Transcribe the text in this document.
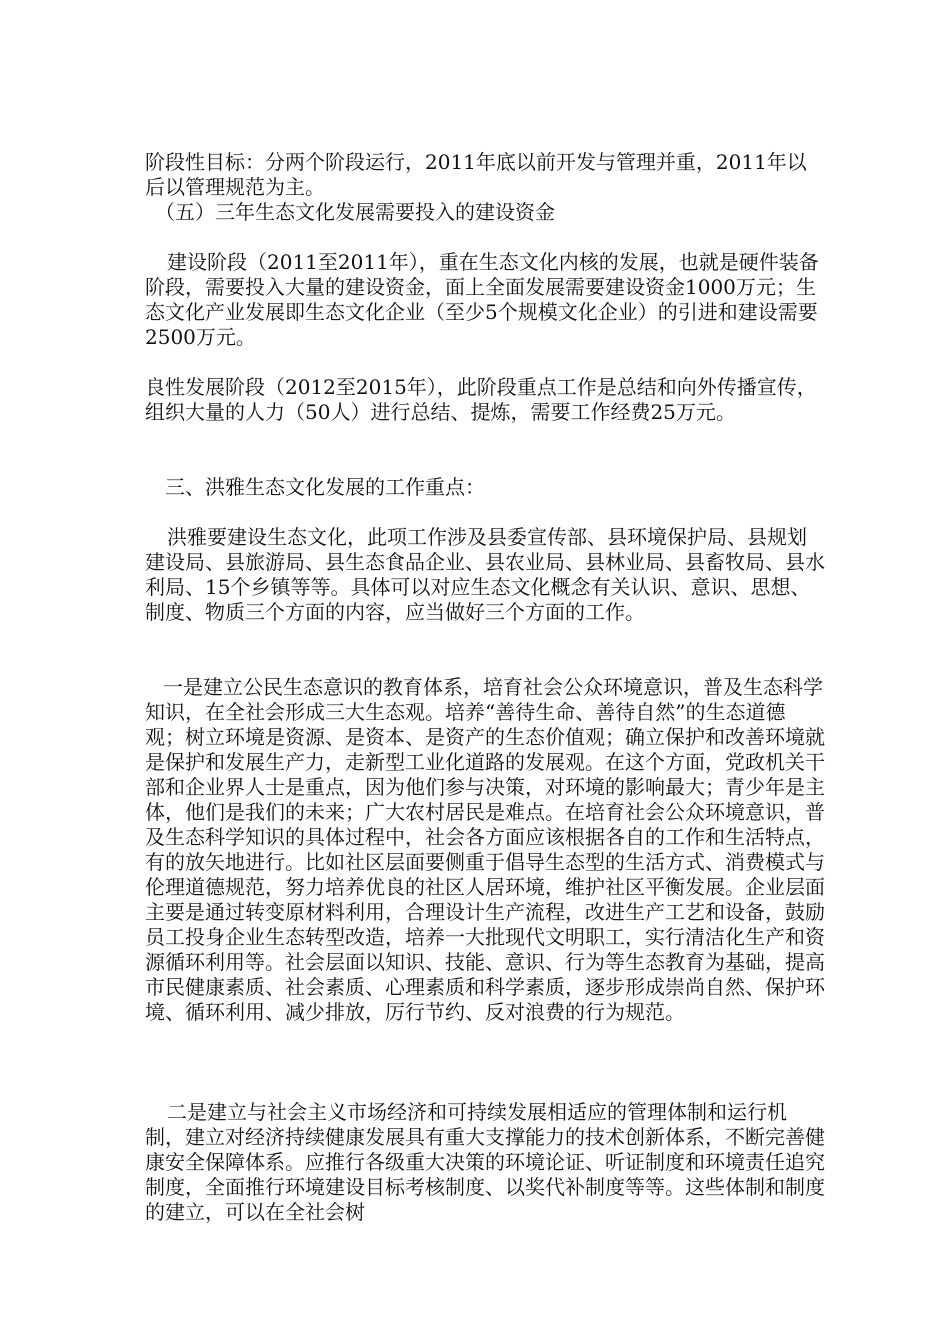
阶段性目标：分两个阶段运行，2011年底以前开发与管理并重，2011年以后以管理规范为主。

（五）三年生态文化发展需要投入的建设资金

建设阶段（2011至2011年），重在生态文化内核的发展，也就是硬件装备阶段，需要投入大量的建设资金，面上全面发展需要建设资金1000万元；生态文化产业发展即生态文化企业（至少5个规模文化企业）的引进和建设需要2500万元。

良性发展阶段（2012至2015年），此阶段重点工作是总结和向外传播宣传，组织大量的人力（50人）进行总结、提炼，需要工作经费25万元。

三、洪雅生态文化发展的工作重点：

洪雅要建设生态文化，此项工作涉及县委宣传部、县环境保护局、县规划建设局、县旅游局、县生态食品企业、县农业局、县林业局、县畜牧局、县水利局、15个乡镇等等。具体可以对应生态文化概念有关认识、意识、思想、制度、物质三个方面的内容，应当做好三个方面的工作。

一是建立公民生态意识的教育体系，培育社会公众环境意识，普及生态科学知识，在全社会形成三大生态观。培养“善待生命、善待自然”的生态道德观；树立环境是资源、是资本、是资产的生态价值观；确立保护和改善环境就是保护和发展生产力，走新型工业化道路的发展观。在这个方面，党政机关干部和企业界人士是重点，因为他们参与决策，对环境的影响最大；青少年是主体，他们是我们的未来；广大农村居民是难点。在培育社会公众环境意识，普及生态科学知识的具体过程中，社会各方面应该根据各自的工作和生活特点，有的放矢地进行。比如社区层面要侧重于倡导生态型的生活方式、消费模式与伦理道德规范，努力培养优良的社区人居环境，维护社区平衡发展。企业层面主要是通过转变原材料利用，合理设计生产流程，改进生产工艺和设备，鼓励员工投身企业生态转型改造，培养一大批现代文明职工，实行清洁化生产和资源循环利用等。社会层面以知识、技能、意识、行为等生态教育为基础，提高市民健康素质、社会素质、心理素质和科学素质，逐步形成崇尚自然、保护环境、循环利用、减少排放，厉行节约、反对浪费的行为规范。

二是建立与社会主义市场经济和可持续发展相适应的管理体制和运行机制，建立对经济持续健康发展具有重大支撑能力的技术创新体系，不断完善健康安全保障体系。应推行各级重大决策的环境论证、听证制度和环境责任追究制度，全面推行环境建设目标考核制度、以奖代补制度等等。这些体制和制度的建立，可以在全社会树
